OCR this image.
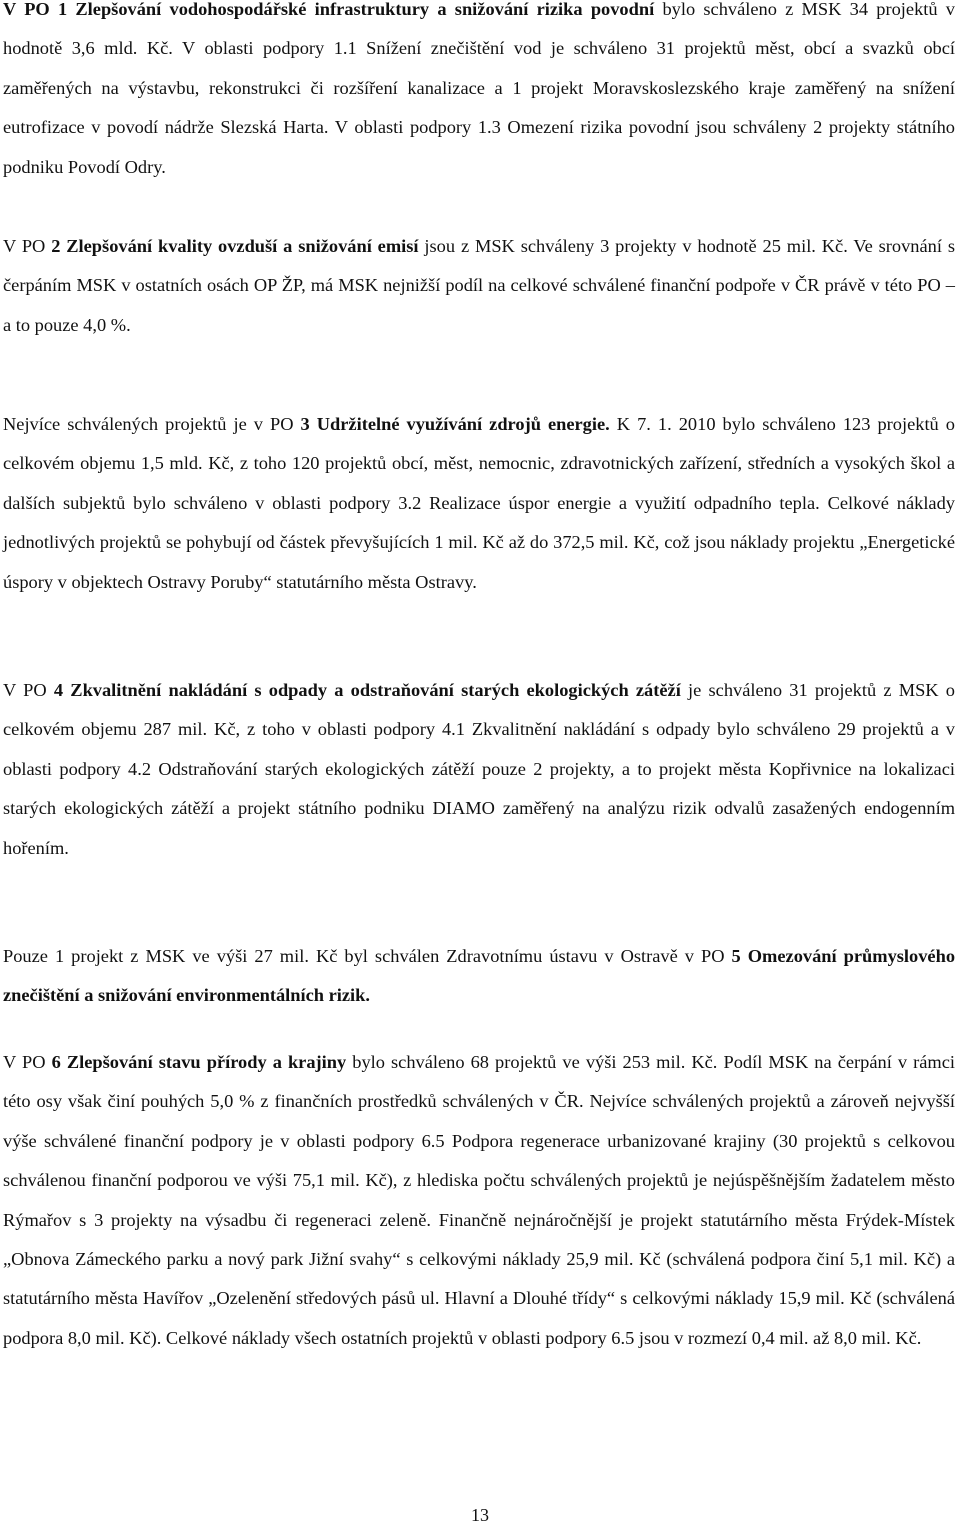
V PO 1 Zlepšování vodohospodářské infrastruktury a snižování rizika povodní bylo schváleno z MSK 34 projektů v hodnotě 3,6 mld. Kč. V oblasti podpory 1.1 Snížení znečištění vod je schváleno 31 projektů měst, obcí a svazků obcí zaměřených na výstavbu, rekonstrukci či rozšíření kanalizace a 1 projekt Moravskoslezského kraje zaměřený na snížení eutrofizace v povodí nádrže Slezská Harta. V oblasti podpory 1.3 Omezení rizika povodní jsou schváleny 2 projekty státního podniku Povodí Odry.

V PO 2 Zlepšování kvality ovzduší a snižování emisí jsou z MSK schváleny 3 projekty v hodnotě 25 mil. Kč. Ve srovnání s čerpáním MSK v ostatních osách OP ŽP, má MSK nejnižší podíl na celkové schválené finanční podpoře v ČR právě v této PO – a to pouze 4,0 %.

Nejvíce schválených projektů je v PO 3 Udržitelné využívání zdrojů energie. K 7. 1. 2010 bylo schváleno 123 projektů o celkovém objemu 1,5 mld. Kč, z toho 120 projektů obcí, měst, nemocnic, zdravotnických zařízení, středních a vysokých škol a dalších subjektů bylo schváleno v oblasti podpory 3.2 Realizace úspor energie a využití odpadního tepla. Celkové náklady jednotlivých projektů se pohybují od částek převyšujících 1 mil. Kč až do 372,5 mil. Kč, což jsou náklady projektu „Energetické úspory v objektech Ostravy Poruby“ statutárního města Ostravy.

V PO 4 Zkvalitnění nakládání s odpady a odstraňování starých ekologických zátěží je schváleno 31 projektů z MSK o celkovém objemu 287 mil. Kč, z toho v oblasti podpory 4.1 Zkvalitnění nakládání s odpady bylo schváleno 29 projektů a v oblasti podpory 4.2 Odstraňování starých ekologických zátěží pouze 2 projekty, a to projekt města Kopřivnice na lokalizaci starých ekologických zátěží a projekt státního podniku DIAMO zaměřený na analýzu rizik odvalů zasažených endogenním hořením.

Pouze 1 projekt z MSK ve výši 27 mil. Kč byl schválen Zdravotnímu ústavu v Ostravě v PO 5 Omezování průmyslového znečištění a snižování environmentálních rizik.

V PO 6 Zlepšování stavu přírody a krajiny bylo schváleno 68 projektů ve výši 253 mil. Kč. Podíl MSK na čerpání v rámci této osy však činí pouhých 5,0 % z finančních prostředků schválených v ČR. Nejvíce schválených projektů a zároveň nejvyšší výše schválené finanční podpory je v oblasti podpory 6.5 Podpora regenerace urbanizované krajiny (30 projektů s celkovou schválenou finanční podporou ve výši 75,1 mil. Kč), z hlediska počtu schválených projektů je nejúspěšnějším žadatelem město Rýmařov s 3 projekty na výsadbu či regeneraci zeleně. Finančně nejnáročnější je projekt statutárního města Frýdek-Místek „Obnova Zámeckého parku a nový park Jižní svahy“ s celkovými náklady 25,9 mil. Kč (schválená podpora činí 5,1 mil. Kč) a statutárního města Havířov „Ozelenění středových pásů ul. Hlavní a Dlouhé třídy“ s celkovými náklady 15,9 mil. Kč (schválená podpora 8,0 mil. Kč). Celkové náklady všech ostatních projektů v oblasti podpory 6.5 jsou v rozmezí 0,4 mil. až 8,0 mil. Kč.

13
